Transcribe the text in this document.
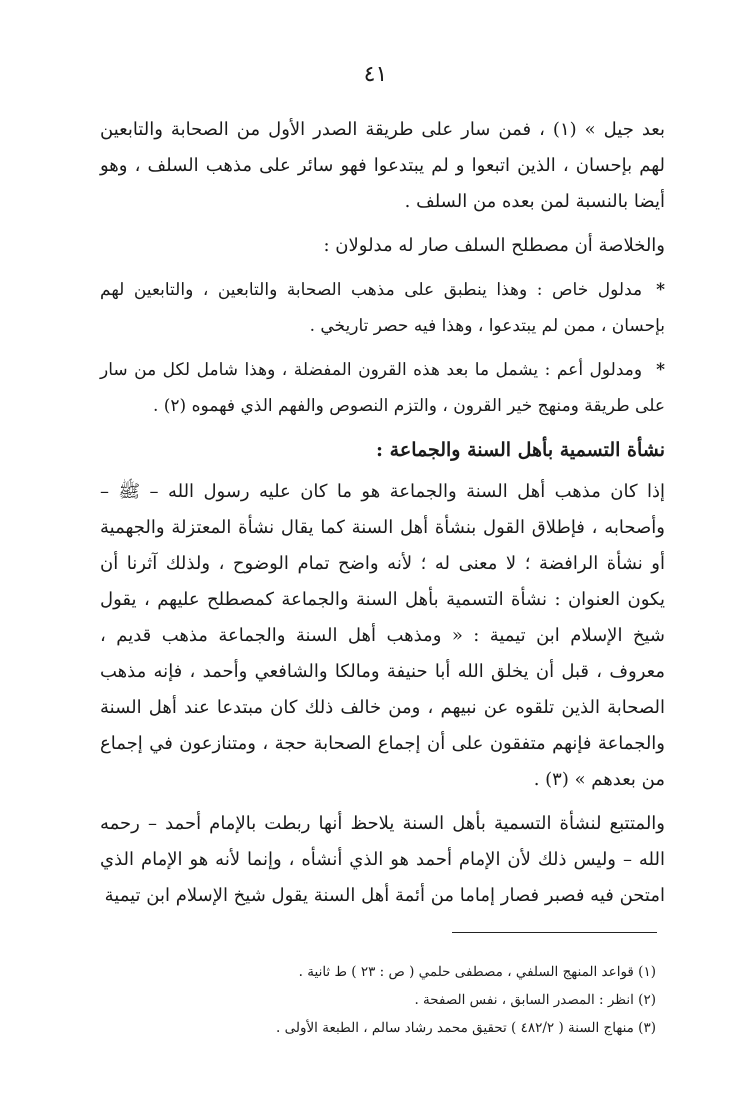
٤١

بعد جيل » (١) ، فمن سار على طريقة الصدر الأول من الصحابة والتابعين لهم بإحسان ، الذين اتبعوا و لم يبتدعوا فهو سائر على مذهب السلف ، وهو أيضا بالنسبة لمن بعده من السلف .

والخلاصة أن مصطلح السلف صار له مدلولان :

*مدلول خاص : وهذا ينطبق على مذهب الصحابة والتابعين ، والتابعين لهم بإحسان ، ممن لم يبتدعوا ، وهذا فيه حصر تاريخي .

*ومدلول أعم : يشمل ما بعد هذه القرون المفضلة ، وهذا شامل لكل من سار على طريقة ومنهج خير القرون ، والتزم النصوص والفهم الذي فهموه (٢) .

نشأة التسمية بأهل السنة والجماعة :

إذا كان مذهب أهل السنة والجماعة هو ما كان عليه رسول الله – ﷺ – وأصحابه ، فإطلاق القول بنشأة أهل السنة كما يقال نشأة المعتزلة والجهمية أو نشأة الرافضة ؛ لا معنى له ؛ لأنه واضح تمام الوضوح ، ولذلك آثرنا أن يكون العنوان : نشأة التسمية بأهل السنة والجماعة كمصطلح عليهم ، يقول شيخ الإسلام ابن تيمية : « ومذهب أهل السنة والجماعة مذهب قديم ، معروف ، قبل أن يخلق الله أبا حنيفة ومالكا والشافعي وأحمد ، فإنه مذهب الصحابة الذين تلقوه عن نبيهم ، ومن خالف ذلك كان مبتدعا عند أهل السنة والجماعة فإنهم متفقون على أن إجماع الصحابة حجة ، ومتنازعون في إجماع من بعدهم » (٣) .

والمتتبع لنشأة التسمية بأهل السنة يلاحظ أنها ربطت بالإمام أحمد – رحمه الله – وليس ذلك لأن الإمام أحمد هو الذي أنشأه ، وإنما لأنه هو الإمام الذي امتحن فيه فصبر فصار إماما من أئمة أهل السنة يقول شيخ الإسلام ابن تيمية

(١) قواعد المنهج السلفي ، مصطفى حلمي ( ص : ٢٣ ) ط ثانية .

(٢) انظر : المصدر السابق ، نفس الصفحة .

(٣) منهاج السنة ( ٤٨٢/٢ ) تحقيق محمد رشاد سالم ، الطبعة الأولى .
